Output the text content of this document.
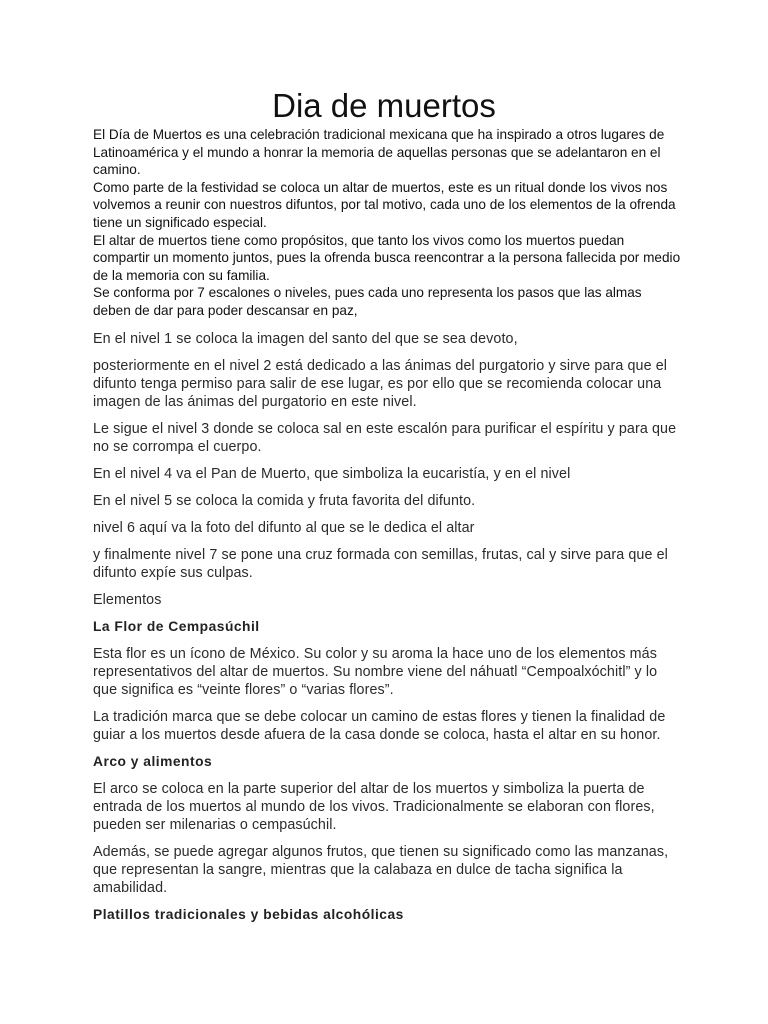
Dia de muertos

El Día de Muertos es una celebración tradicional mexicana que ha inspirado a otros lugares de Latinoamérica y el mundo a honrar la memoria de aquellas personas que se adelantaron en el camino.

Como parte de la festividad se coloca un altar de muertos, este es un ritual donde los vivos nos volvemos a reunir con nuestros difuntos, por tal motivo, cada uno de los elementos de la ofrenda tiene un significado especial.

El altar de muertos tiene como propósitos, que tanto los vivos como los muertos puedan compartir un momento juntos, pues la ofrenda busca reencontrar a la persona fallecida por medio de la memoria con su familia.

Se conforma por 7 escalones o niveles, pues cada uno representa los pasos que las almas deben de dar para poder descansar en paz,

En el nivel 1 se coloca la imagen del santo del que se sea devoto,

posteriormente en el nivel 2 está dedicado a las ánimas del purgatorio y sirve para que el difunto tenga permiso para salir de ese lugar, es por ello que se recomienda colocar una imagen de las ánimas del purgatorio en este nivel.

Le sigue el nivel 3 donde se coloca sal en este escalón para purificar el espíritu y para que no se corrompa el cuerpo.

En el nivel 4 va el Pan de Muerto, que simboliza la eucaristía, y en el nivel

En el nivel 5 se coloca la comida y fruta favorita del difunto.

nivel 6 aquí va la foto del difunto al que se le dedica el altar

y finalmente nivel 7 se pone una cruz formada con semillas, frutas, cal y sirve para que el difunto expíe sus culpas.

Elementos

La Flor de Cempasúchil

Esta flor es un ícono de México. Su color y su aroma la hace uno de los elementos más representativos del altar de muertos. Su nombre viene del náhuatl “Cempoalxóchitl” y lo que significa es “veinte flores” o “varias flores”.

La tradición marca que se debe colocar un camino de estas flores y tienen la finalidad de guiar a los muertos desde afuera de la casa donde se coloca, hasta el altar en su honor.

Arco y alimentos

El arco se coloca en la parte superior del altar de los muertos y simboliza la puerta de entrada de los muertos al mundo de los vivos. Tradicionalmente se elaboran con flores, pueden ser milenarias o cempasúchil.

Además, se puede agregar algunos frutos, que tienen su significado como las manzanas, que representan la sangre, mientras que la calabaza en dulce de tacha significa la amabilidad.

Platillos tradicionales y bebidas alcohólicas
